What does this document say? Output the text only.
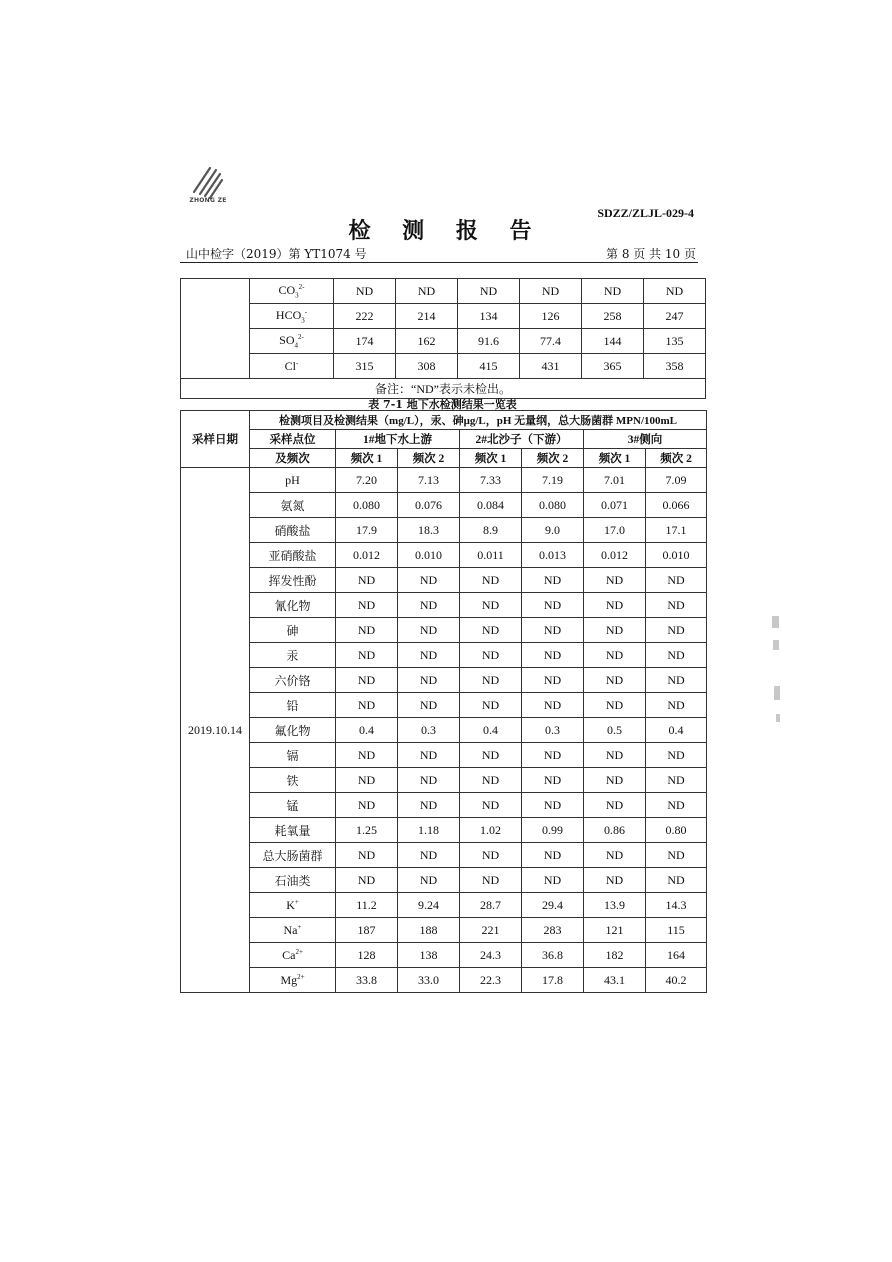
ZHONG ZE
SDZZ/ZLJL-029-4
检 测 报 告
山中检字（2019）第 YT1074 号	第 8 页 共 10 页
	$CO_3^{2-}$	ND	ND	ND	ND	ND	ND
	$HCO_3^-$	222	214	134	126	258	247
	$SO_4^{2-}$	174	162	91.6	77.4	144	135
	Cl-	315	308	415	431	365	358
备注：“ND”表示未检出。							
表 7-1 地下水检测结果一览表
采样日期	检测项目及检测结果（mg/L），汞、砷μg/L，pH 无量纲，总大肠菌群 MPN/100mL						
	采样点位	1#地下水上游		2#北沙子（下游）		3#侧向	
	及频次	频次 1	频次 2	频次 1	频次 2	频次 1	频次 2
2019.10.14	pH	7.20	7.13	7.33	7.19	7.01	7.09
	氨氮	0.080	0.076	0.084	0.080	0.071	0.066
	硝酸盐	17.9	18.3	8.9	9.0	17.0	17.1
	亚硝酸盐	0.012	0.010	0.011	0.013	0.012	0.010
	挥发性酚	ND	ND	ND	ND	ND	ND
	氰化物	ND	ND	ND	ND	ND	ND
	砷	ND	ND	ND	ND	ND	ND
	汞	ND	ND	ND	ND	ND	ND
	六价铬	ND	ND	ND	ND	ND	ND
	铅	ND	ND	ND	ND	ND	ND
	氟化物	0.4	0.3	0.4	0.3	0.5	0.4
	镉	ND	ND	ND	ND	ND	ND
	铁	ND	ND	ND	ND	ND	ND
	锰	ND	ND	ND	ND	ND	ND
	耗氧量	1.25	1.18	1.02	0.99	0.86	0.80
	总大肠菌群	ND	ND	ND	ND	ND	ND
	石油类	ND	ND	ND	ND	ND	ND
	K+	11.2	9.24	28.7	29.4	13.9	14.3
	Na+	187	188	221	283	121	115
	$Ca^{2+}$	128	138	24.3	36.8	182	164
	$Mg^{2+}$	33.8	33.0	22.3	17.8	43.1	40.2
